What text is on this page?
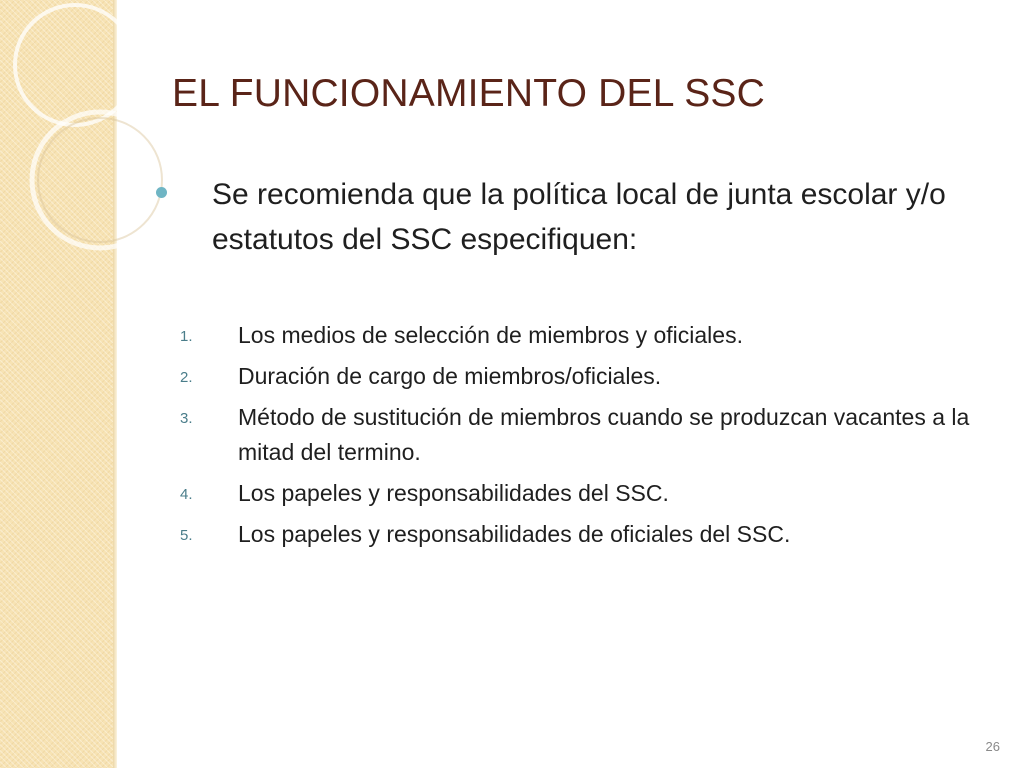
EL FUNCIONAMIENTO DEL SSC

Se recomienda que la política local de junta escolar y/o estatutos del SSC especifiquen:

1. Los medios de selección de miembros y oficiales.
2. Duración de cargo de miembros/oficiales.
3. Método de sustitución de miembros cuando se produzcan vacantes a la mitad del termino.
4. Los papeles y responsabilidades del SSC.
5. Los papeles y responsabilidades de oficiales del SSC.
26
